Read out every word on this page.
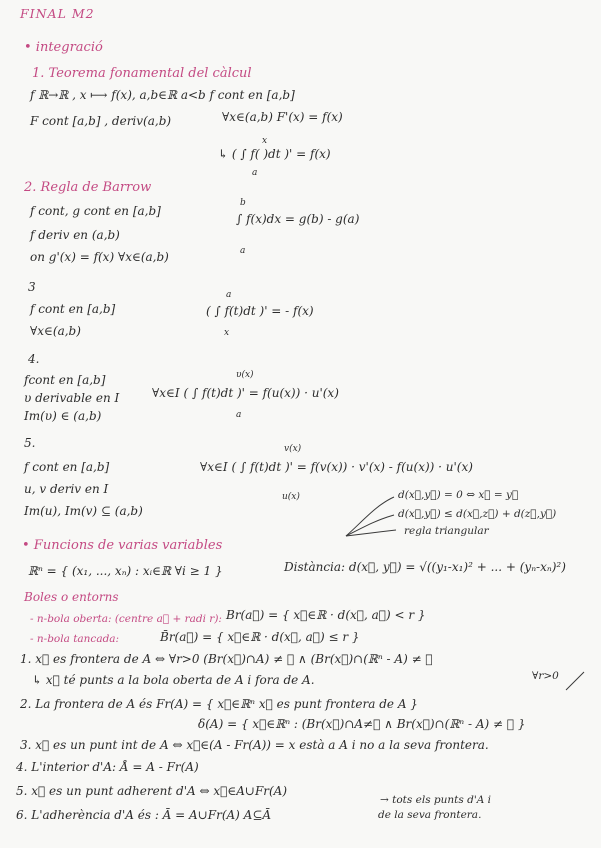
FINAL M2
• integració
1. Teorema fonamental del càlcul
f ℝ→ℝ , x ⟼ f(x), a,b∈ℝ a<b f cont en [a,b]
F cont [a,b] , deriv(a,b)	∀x∈(a,b) F'(x) = f(x)
x
↳ ( ∫ f( )dt )' = f(x)
a
2. Regla de Barrow
f cont, g cont en [a,b]
f deriv en (a,b)
on g'(x) = f(x) ∀x∈(a,b)
b
∫ f(x)dx = g(b) - g(a)
a
3
f cont en [a,b]
∀x∈(a,b)
a
( ∫ f(t)dt )' = - f(x)
x
4.
fcont en [a,b]
υ derivable en I
Im(υ) ∈ (a,b)
υ(x)
∀x∈I ( ∫ f(t)dt )' = f(u(x)) · u'(x)
a
5.
f cont en [a,b]
u, v deriv en I
Im(u), Im(v) ⊆ (a,b)
v(x)
∀x∈I ( ∫ f(t)dt )' = f(v(x)) · v'(x) - f(u(x)) · u'(x)
u(x)	d(x⃗,y⃗) = 0 ⇔ x⃗ = y⃗
d(x⃗,y⃗) ≤ d(x⃗,z⃗) + d(z⃗,y⃗)
regla triangular
• Funcions de varias variables
ℝⁿ = { (x₁, ..., xₙ) : xᵢ∈ℝ ∀i ≥ 1 }	Distància: d(x⃗, y⃗) = √((y₁-x₁)² + ... + (yₙ-xₙ)²)
Boles o entorns
- n-bola oberta: (centre a⃗ + radi r): Br(a⃗) = { x⃗∈ℝ · d(x⃗, a⃗) < r }
- n-bola tancada:	B̄r(a⃗) = { x⃗∈ℝ · d(x⃗, a⃗) ≤ r }
1. x⃗ es frontera de A ⇔ ∀r>0 (Br(x⃗)∩A) ≠ ∅ ∧ (Br(x⃗)∩(ℝⁿ - A) ≠ ∅
↳ x⃗ té punts a la bola oberta de A i fora de A.	∀r>0
2. La frontera de A és Fr(A) = { x⃗∈ℝⁿ x⃗ es punt frontera de A }
δ(A) = { x⃗∈ℝⁿ : (Br(x⃗)∩A≠∅ ∧ Br(x⃗)∩(ℝⁿ - A) ≠ ∅ }
3. x⃗ es un punt int de A ⇔ x⃗∈(A - Fr(A)) = x està a A i no a la seva frontera.
4. L'interior d'A: Å = A - Fr(A)
5. x⃗ es un punt adherent d'A ⇔ x⃗∈A∪Fr(A)
6. L'adherència d'A és : Ā = A∪Fr(A) A⊆Ā
→ tots els punts d'A i
de la seva frontera.
